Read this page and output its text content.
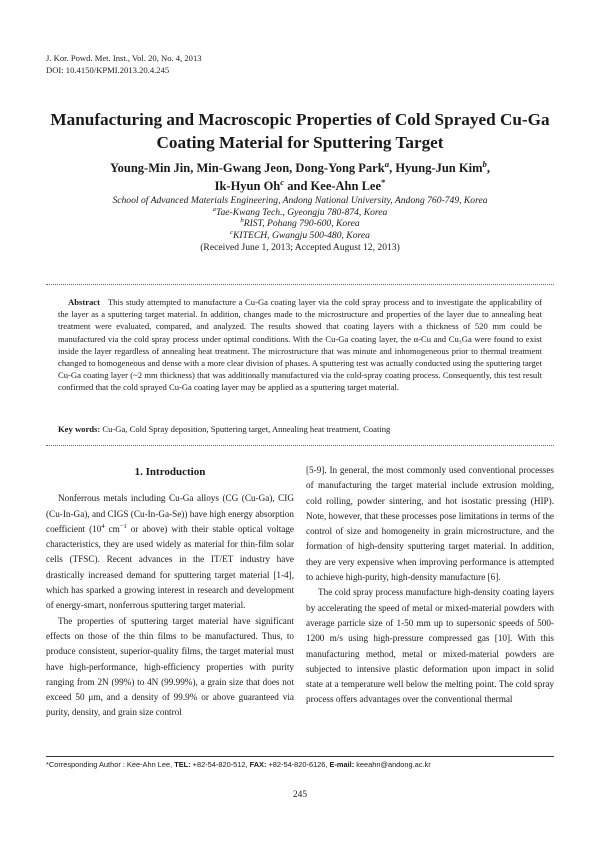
J. Kor. Powd. Met. Inst., Vol. 20, No. 4, 2013
DOI: 10.4150/KPMI.2013.20.4.245
Manufacturing and Macroscopic Properties of Cold Sprayed Cu-Ga
Coating Material for Sputtering Target
Young-Min Jin, Min-Gwang Jeon, Dong-Yong Park$^a$, Hyung-Jun Kim$^b$,
Ik-Hyun Oh$^c$ and Kee-Ahn Lee*
School of Advanced Materials Engineering, Andong National University, Andong 760-749, Korea
$^a$Tae-Kwang Tech., Gyeongju 780-874, Korea
$^b$RIST, Pohang 790-600, Korea
$^c$KITECH, Gwangju 500-480, Korea
(Received June 1, 2013; Accepted August 12, 2013)
Abstract This study attempted to manufacture a Cu-Ga coating layer via the cold spray process and to investigate the applicability of the layer as a sputtering target material. In addition, changes made to the microstructure and properties of the layer due to annealing heat treatment were evaluated, compared, and analyzed. The results showed that coating layers with a thickness of 520 mm could be manufactured via the cold spray process under optimal conditions. With the Cu-Ga coating layer, the α-Cu and Cu₃Ga were found to exist inside the layer regardless of annealing heat treatment. The microstructure that was minute and inhomogeneous prior to thermal treatment changed to homogeneous and dense with a more clear division of phases. A sputtering test was actually conducted using the sputtering target Cu-Ga coating layer (~2 mm thickness) that was additionally manufactured via the cold-spray coating process. Consequently, this test result confirmed that the cold sprayed Cu-Ga coating layer may be applied as a sputtering target material.
Key words: Cu-Ga, Cold Spray deposition, Sputtering target, Annealing heat treatment, Coating
1. Introduction

Nonferrous metals including Cu-Ga alloys (CG (Cu-Ga), CIG (Cu-In-Ga), and CIGS (Cu-In-Ga-Se)) have high energy absorption coefficient ($10^4$ $cm^{-1}$ or above) with their stable optical voltage characteristics, they are used widely as material for thin-film solar cells (TFSC). Recent advances in the IT/ET industry have drastically increased demand for sputtering target material [1-4], which has sparked a growing interest in research and development of energy-smart, nonferrous sputtering target material.

The properties of sputtering target material have significant effects on those of the thin films to be manufactured. Thus, to produce consistent, superior-quality films, the target material must have high-performance, high-efficiency properties with purity ranging from 2N (99%) to 4N (99.99%), a grain size that does not exceed 50 μm, and a density of 99.9% or above guaranteed via purity, density, and grain size control

[5-9]. In general, the most commonly used conventional processes of manufacturing the target material include extrusion molding, cold rolling, powder sintering, and hot isostatic pressing (HIP). Note, however, that these processes pose limitations in terms of the control of size and homogeneity in grain microstructure, and the formation of high-density sputtering target material. In addition, they are very expensive when improving performance is attempted to achieve high-purity, high-density manufacture [6].

The cold spray process manufacture high-density coating layers by accelerating the speed of metal or mixed-material powders with average particle size of 1-50 mm up to supersonic speeds of 500-1200 m/s using high-pressure compressed gas [10]. With this manufacturing method, metal or mixed-material powders are subjected to intensive plastic deformation upon impact in solid state at a temperature well below the melting point. The cold spray process offers advantages over the conventional thermal

*Corresponding Author : Kee-Ahn Lee, TEL: +82-54-820-512, FAX: +82-54-820-6126, E-mail: keeahn@andong.ac.kr
245
